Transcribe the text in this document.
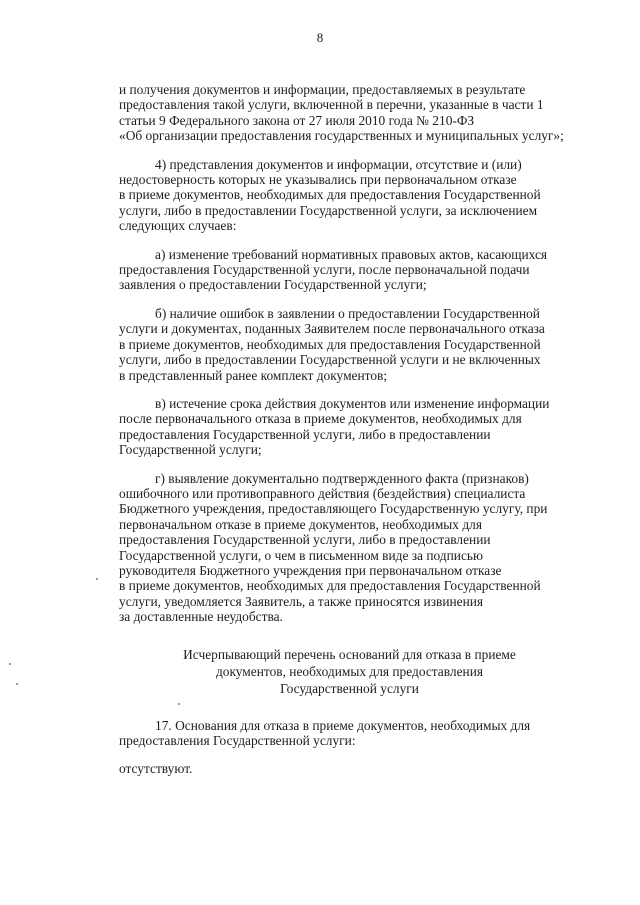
8

и получения документов и информации, предоставляемых в результате
предоставления такой услуги, включенной в перечни, указанные в части 1
статьи 9 Федерального закона от 27 июля 2010 года № 210-ФЗ
«Об организации предоставления государственных и муниципальных услуг»;

4) представления документов и информации, отсутствие и (или)
недостоверность которых не указывались при первоначальном отказе
в приеме документов, необходимых для предоставления Государственной
услуги, либо в предоставлении Государственной услуги, за исключением
следующих случаев:

а) изменение требований нормативных правовых актов, касающихся
предоставления Государственной услуги, после первоначальной подачи
заявления о предоставлении Государственной услуги;

б) наличие ошибок в заявлении о предоставлении Государственной
услуги и документах, поданных Заявителем после первоначального отказа
в приеме документов, необходимых для предоставления Государственной
услуги, либо в предоставлении Государственной услуги и не включенных
в представленный ранее комплект документов;

в) истечение срока действия документов или изменение информации
после первоначального отказа в приеме документов, необходимых для
предоставления Государственной услуги, либо в предоставлении
Государственной услуги;

г) выявление документально подтвержденного факта (признаков)
ошибочного или противоправного действия (бездействия) специалиста
Бюджетного учреждения, предоставляющего Государственную услугу, при
первоначальном отказе в приеме документов, необходимых для
предоставления Государственной услуги, либо в предоставлении
Государственной услуги, о чем в письменном виде за подписью
руководителя Бюджетного учреждения при первоначальном отказе
в приеме документов, необходимых для предоставления Государственной
услуги, уведомляется Заявитель, а также приносятся извинения
за доставленные неудобства.

Исчерпывающий перечень оснований для отказа в приеме
документов, необходимых для предоставления
Государственной услуги

17. Основания для отказа в приеме документов, необходимых для
предоставления Государственной услуги:

отсутствуют.
